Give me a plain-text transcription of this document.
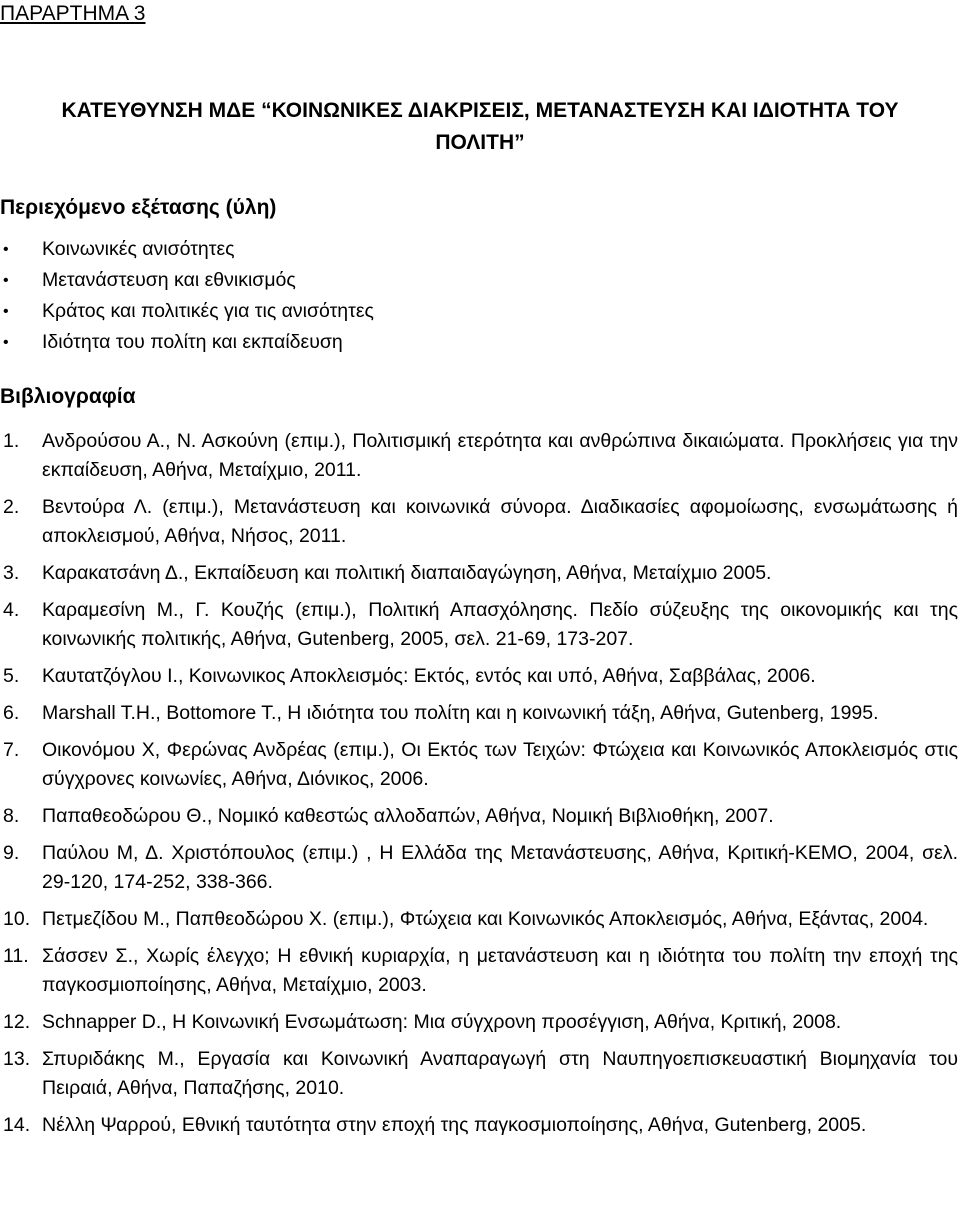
ΠΑΡΑΡΤΗΜΑ 3
ΚΑΤΕΥΘΥΝΣΗ ΜΔΕ “ΚΟΙΝΩΝΙΚΕΣ ΔΙΑΚΡΙΣΕΙΣ, ΜΕΤΑΝΑΣΤΕΥΣΗ ΚΑΙ ΙΔΙΟΤΗΤΑ ΤΟΥ ΠΟΛΙΤΗ”
Περιεχόμενο εξέτασης (ύλη)
• Κοινωνικές ανισότητες
• Μετανάστευση και εθνικισμός
• Κράτος και πολιτικές για τις ανισότητες
• Ιδιότητα του πολίτη και εκπαίδευση
Βιβλιογραφία
1. Ανδρούσου Α., Ν. Ασκούνη (επιμ.), Πολιτισμική ετερότητα και ανθρώπινα δικαιώματα. Προκλήσεις για την εκπαίδευση, Αθήνα, Μεταίχμιο, 2011.
2. Βεντούρα Λ. (επιμ.), Μετανάστευση και κοινωνικά σύνορα. Διαδικασίες αφομοίωσης, ενσωμάτωσης ή αποκλεισμού, Αθήνα, Νήσος, 2011.
3. Καρακατσάνη Δ., Εκπαίδευση και πολιτική διαπαιδαγώγηση, Αθήνα, Μεταίχμιο 2005.
4. Καραμεσίνη Μ., Γ. Κουζής (επιμ.), Πολιτική Απασχόλησης. Πεδίο σύζευξης της οικονομικής και της κοινωνικής πολιτικής, Αθήνα, Gutenberg, 2005, σελ. 21-69, 173-207.
5. Καυτατζόγλου Ι., Κοινωνικος Αποκλεισμός: Εκτός, εντός και υπό, Αθήνα, Σαββάλας, 2006.
6. Marshall T.H., Bottomore T., Η ιδιότητα του πολίτη και η κοινωνική τάξη, Αθήνα, Gutenberg, 1995.
7. Οικονόμου Χ, Φερώνας Ανδρέας (επιμ.), Οι Εκτός των Τειχών: Φτώχεια και Κοινωνικός Αποκλεισμός στις σύγχρονες κοινωνίες, Αθήνα, Διόνικος, 2006.
8. Παπαθεοδώρου Θ., Νομικό καθεστώς αλλοδαπών, Αθήνα, Νομική Βιβλιοθήκη, 2007.
9. Παύλου Μ, Δ. Χριστόπουλος (επιμ.) , Η Ελλάδα της Μετανάστευσης, Αθήνα, Κριτική-ΚΕΜΟ, 2004, σελ. 29-120, 174-252, 338-366.
10. Πετμεζίδου Μ., Παπθεοδώρου Χ. (επιμ.), Φτώχεια και Κοινωνικός Αποκλεισμός, Αθήνα, Εξάντας, 2004.
11. Σάσσεν Σ., Χωρίς έλεγχο; Η εθνική κυριαρχία, η μετανάστευση και η ιδιότητα του πολίτη την εποχή της παγκοσμιοποίησης, Αθήνα, Μεταίχμιο, 2003.
12. Schnapper D., Η Κοινωνική Ενσωμάτωση: Μια σύγχρονη προσέγγιση, Αθήνα, Κριτική, 2008.
13. Σπυριδάκης Μ., Εργασία και Κοινωνική Αναπαραγωγή στη Ναυπηγοεπισκευαστική Βιομηχανία του Πειραιά, Αθήνα, Παπαζήσης, 2010.
14. Νέλλη Ψαρρού, Εθνική ταυτότητα στην εποχή της παγκοσμιοποίησης, Αθήνα, Gutenberg, 2005.
